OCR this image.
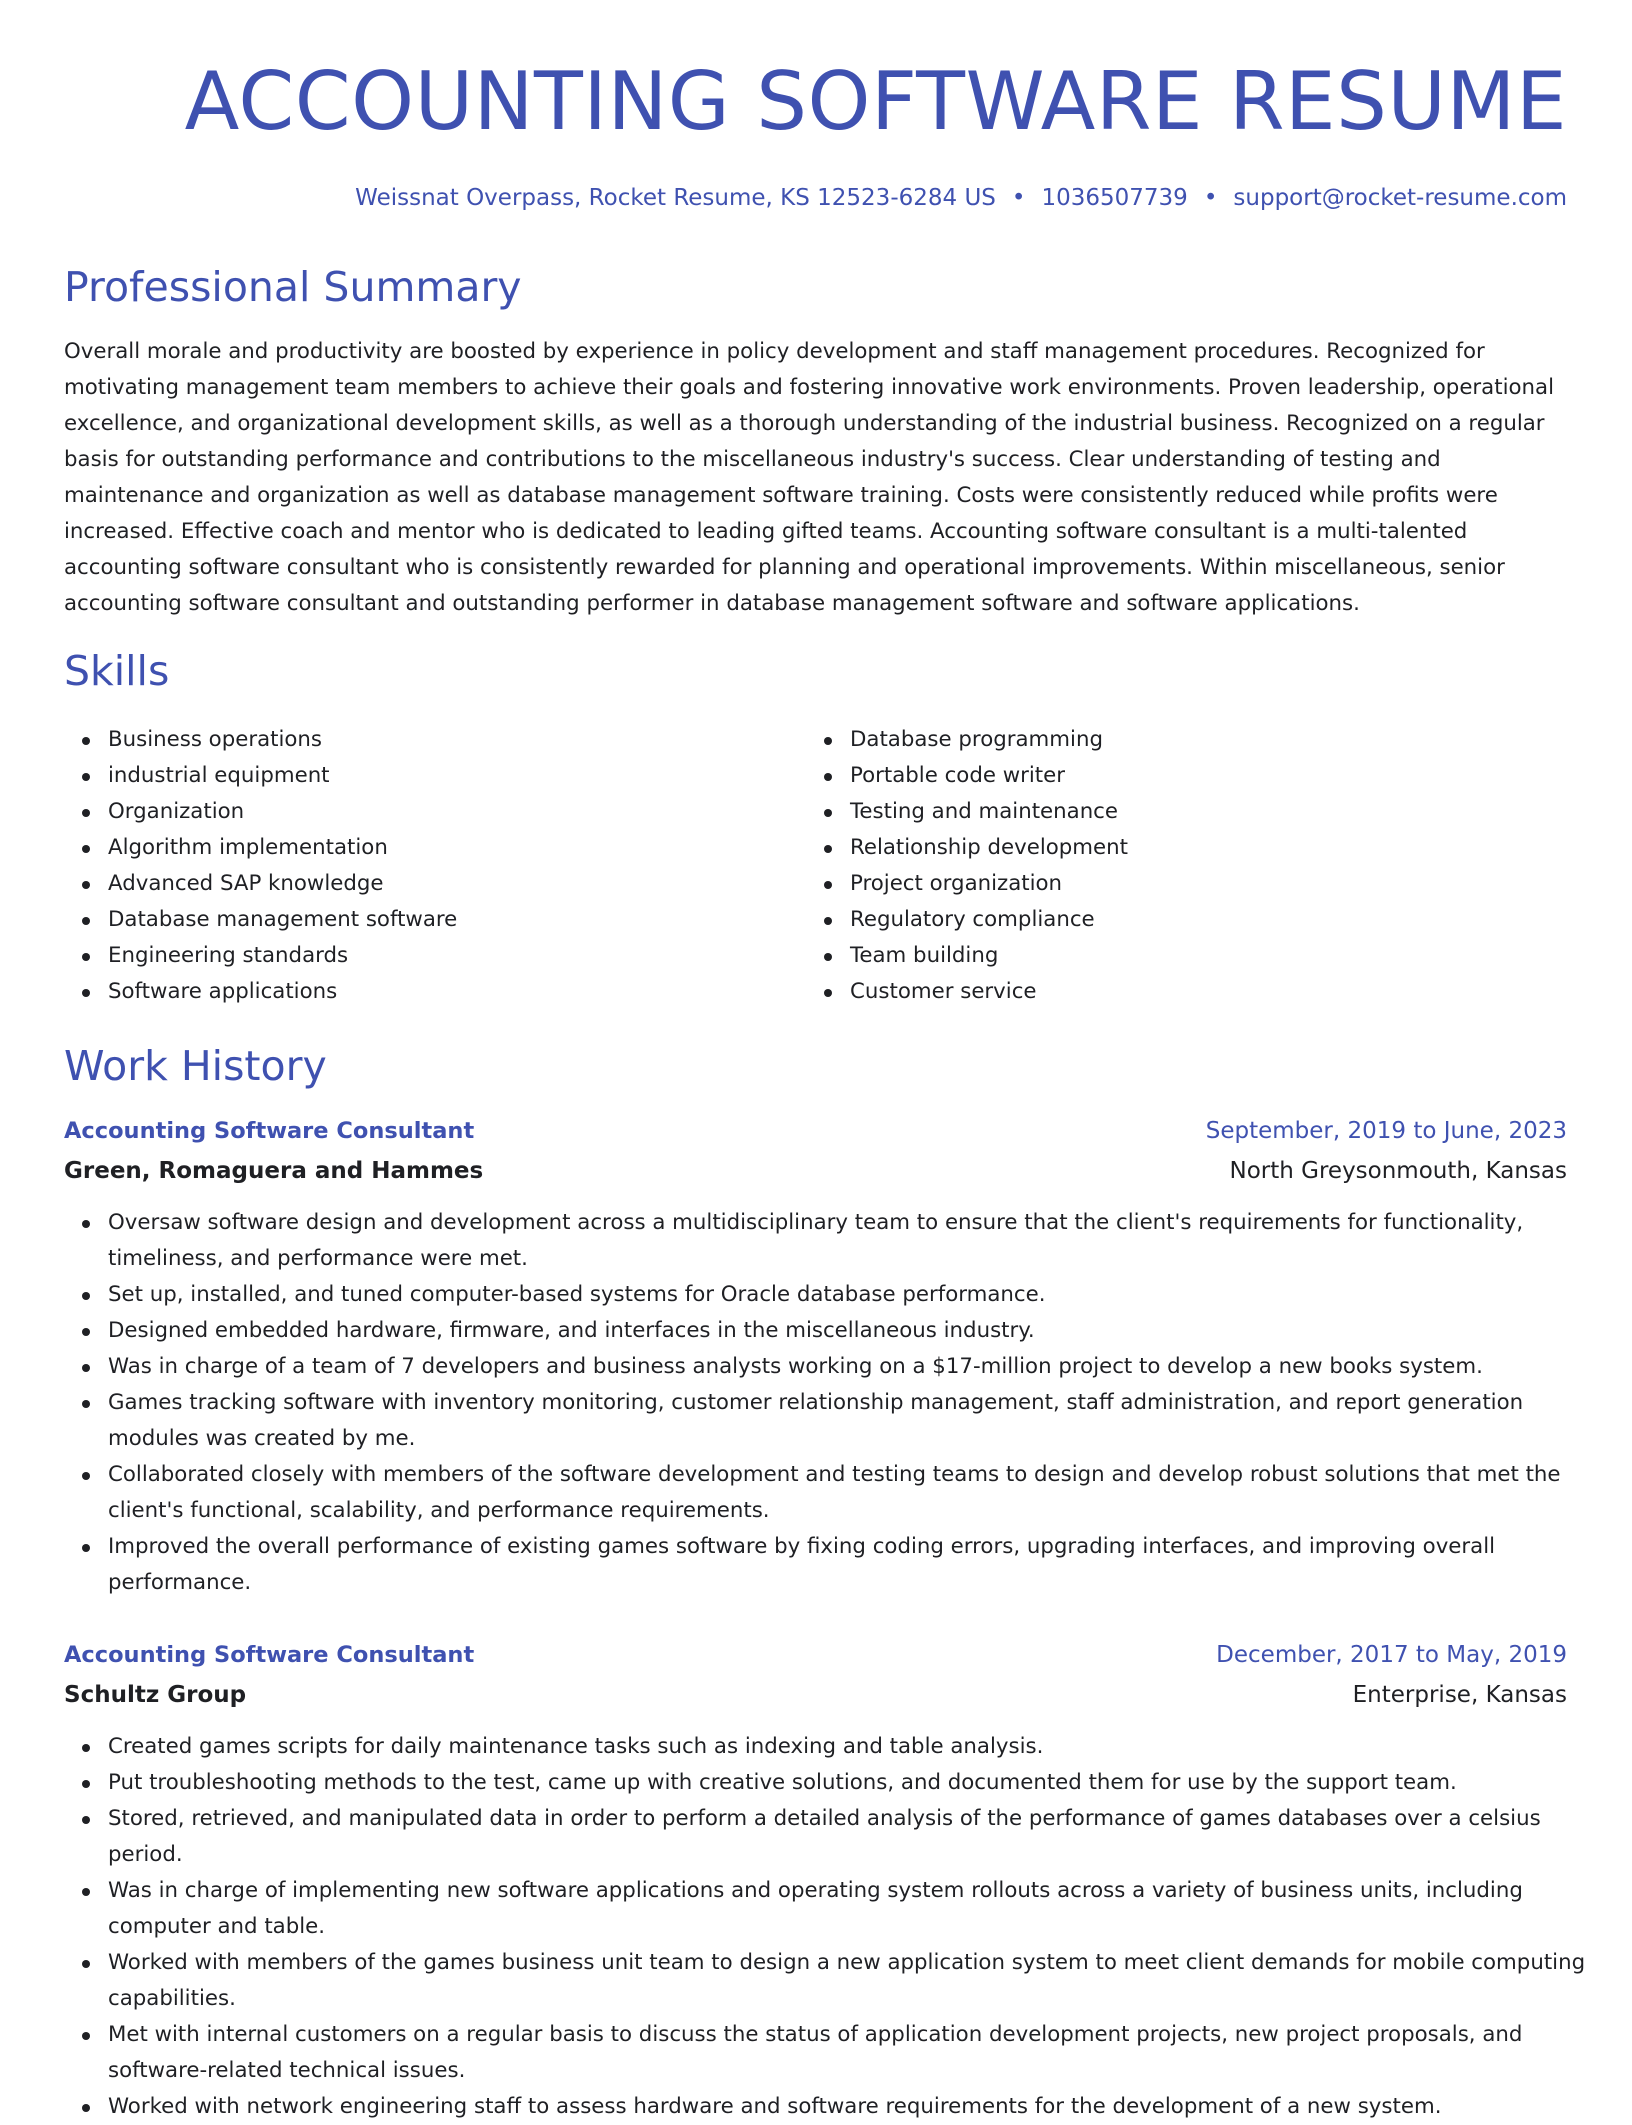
ACCOUNTING SOFTWARE RESUME
Weissnat Overpass, Rocket Resume, KS 12523-6284 US • 1036507739 • support@rocket-resume.com
Professional Summary

Overall morale and productivity are boosted by experience in policy development and staff management procedures. Recognized for motivating management team members to achieve their goals and fostering innovative work environments. Proven leadership, operational excellence, and organizational development skills, as well as a thorough understanding of the industrial business. Recognized on a regular basis for outstanding performance and contributions to the miscellaneous industry's success. Clear understanding of testing and maintenance and organization as well as database management software training. Costs were consistently reduced while profits were increased. Effective coach and mentor who is dedicated to leading gifted teams. Accounting software consultant is a multi-talented accounting software consultant who is consistently rewarded for planning and operational improvements. Within miscellaneous, senior accounting software consultant and outstanding performer in database management software and software applications.

Skills
Business operations
industrial equipment
Organization
Algorithm implementation
Advanced SAP knowledge
Database management software
Engineering standards
Software applications
Database programming
Portable code writer
Testing and maintenance
Relationship development
Project organization
Regulatory compliance
Team building
Customer service
Work History
Accounting Software Consultant	September, 2019 to June, 2023
Green, Romaguera and Hammes	North Greysonmouth, Kansas
Oversaw software design and development across a multidisciplinary team to ensure that the client's requirements for functionality, timeliness, and performance were met.
Set up, installed, and tuned computer-based systems for Oracle database performance.
Designed embedded hardware, firmware, and interfaces in the miscellaneous industry.
Was in charge of a team of 7 developers and business analysts working on a $17-million project to develop a new books system.
Games tracking software with inventory monitoring, customer relationship management, staff administration, and report generation modules was created by me.
Collaborated closely with members of the software development and testing teams to design and develop robust solutions that met the client's functional, scalability, and performance requirements.
Improved the overall performance of existing games software by fixing coding errors, upgrading interfaces, and improving overall performance.
Accounting Software Consultant	December, 2017 to May, 2019
Schultz Group	Enterprise, Kansas
Created games scripts for daily maintenance tasks such as indexing and table analysis.
Put troubleshooting methods to the test, came up with creative solutions, and documented them for use by the support team.
Stored, retrieved, and manipulated data in order to perform a detailed analysis of the performance of games databases over a celsius period.
Was in charge of implementing new software applications and operating system rollouts across a variety of business units, including computer and table.
Worked with members of the games business unit team to design a new application system to meet client demands for mobile computing capabilities.
Met with internal customers on a regular basis to discuss the status of application development projects, new project proposals, and software-related technical issues.
Worked with network engineering staff to assess hardware and software requirements for the development of a new system.
